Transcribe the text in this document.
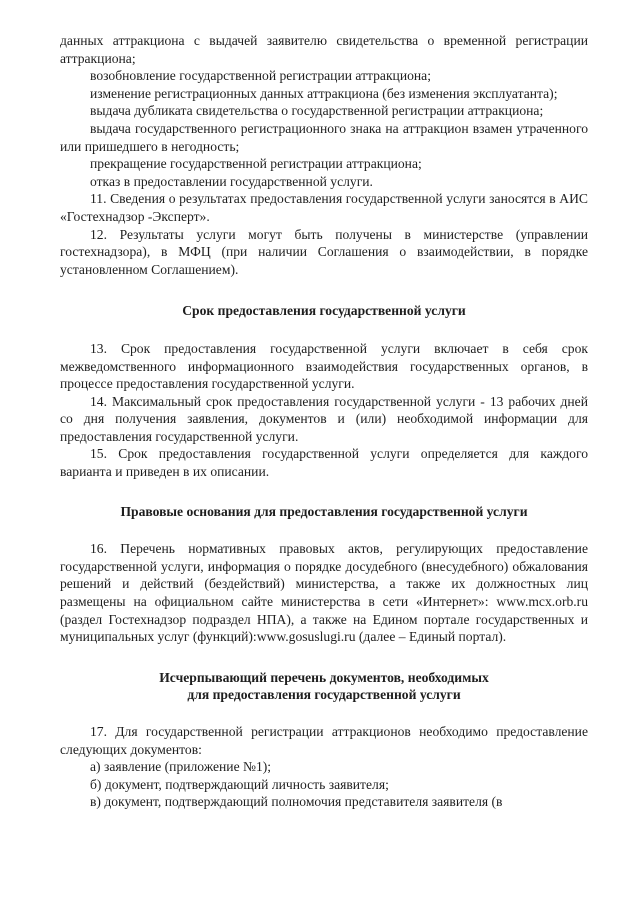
данных аттракциона с выдачей заявителю свидетельства о временной регистрации аттракциона;

возобновление государственной регистрации аттракциона;

изменение регистрационных данных аттракциона (без изменения эксплуатанта);

выдача дубликата свидетельства о государственной регистрации аттракциона;

выдача государственного регистрационного знака на аттракцион взамен утраченного или пришедшего в негодность;

прекращение государственной регистрации аттракциона;

отказ в предоставлении государственной услуги.

11. Сведения о результатах предоставления государственной услуги заносятся в АИС «Гостехнадзор -Эксперт».

12. Результаты услуги могут быть получены в министерстве (управлении гостехнадзора), в МФЦ (при наличии Соглашения о взаимодействии, в порядке установленном Соглашением).

Срок предоставления государственной услуги

13. Срок предоставления государственной услуги включает в себя срок межведомственного информационного взаимодействия государственных органов, в процессе предоставления государственной услуги.

14. Максимальный срок предоставления государственной услуги - 13 рабочих дней со дня получения заявления, документов и (или) необходимой информации для предоставления государственной услуги.

15. Срок предоставления государственной услуги определяется для каждого варианта и приведен в их описании.

Правовые основания для предоставления государственной услуги

16. Перечень нормативных правовых актов, регулирующих предоставление государственной услуги, информация о порядке досудебного (внесудебного) обжалования решений и действий (бездействий) министерства, а также их должностных лиц размещены на официальном сайте министерства в сети «Интернет»: www.mcx.orb.ru (раздел Гостехнадзор подраздел НПА), а также на Едином портале государственных и муниципальных услуг (функций):www.gosuslugi.ru (далее – Единый портал).

Исчерпывающий перечень документов, необходимых

для предоставления государственной услуги

17. Для государственной регистрации аттракционов необходимо предоставление следующих документов:

а) заявление (приложение №1);

б) документ, подтверждающий личность заявителя;

в) документ, подтверждающий полномочия представителя заявителя (в
